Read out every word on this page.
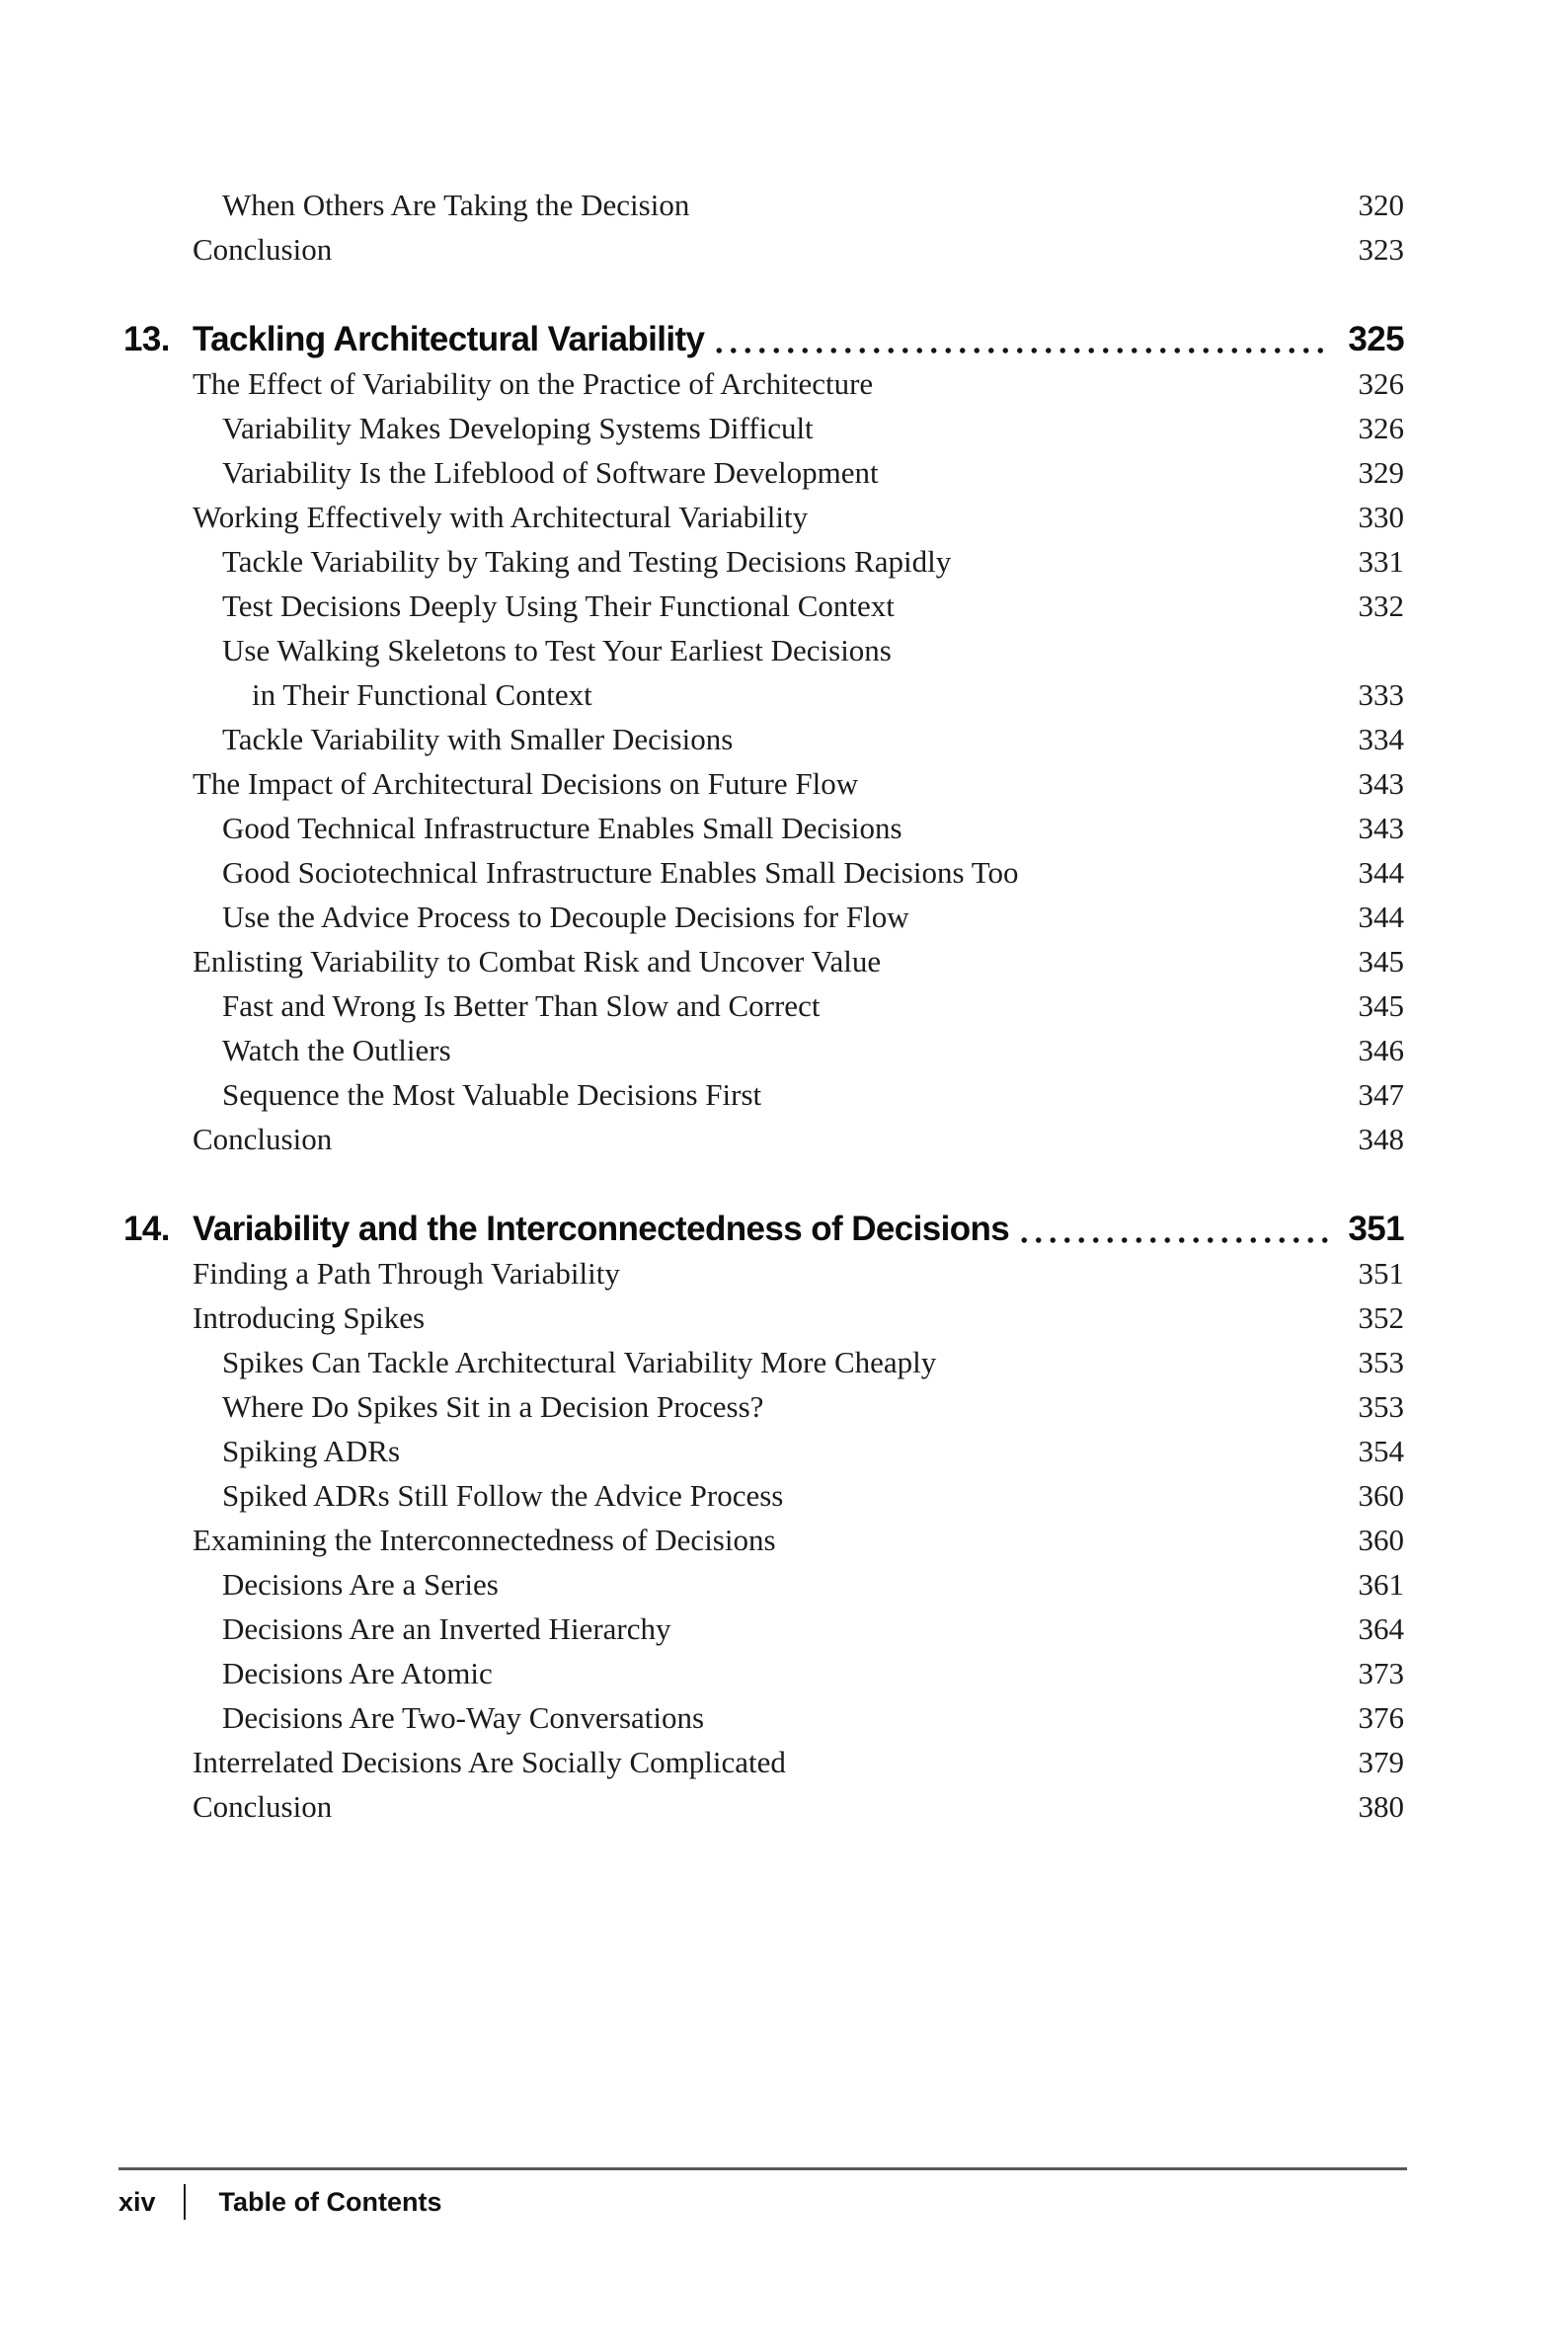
When Others Are Taking the Decision	320
Conclusion	323
13. Tackling Architectural Variability	325
The Effect of Variability on the Practice of Architecture	326
Variability Makes Developing Systems Difficult	326
Variability Is the Lifeblood of Software Development	329
Working Effectively with Architectural Variability	330
Tackle Variability by Taking and Testing Decisions Rapidly	331
Test Decisions Deeply Using Their Functional Context	332
Use Walking Skeletons to Test Your Earliest Decisions
in Their Functional Context	333
Tackle Variability with Smaller Decisions	334
The Impact of Architectural Decisions on Future Flow	343
Good Technical Infrastructure Enables Small Decisions	343
Good Sociotechnical Infrastructure Enables Small Decisions Too	344
Use the Advice Process to Decouple Decisions for Flow	344
Enlisting Variability to Combat Risk and Uncover Value	345
Fast and Wrong Is Better Than Slow and Correct	345
Watch the Outliers	346
Sequence the Most Valuable Decisions First	347
Conclusion	348
14. Variability and the Interconnectedness of Decisions	351
Finding a Path Through Variability	351
Introducing Spikes	352
Spikes Can Tackle Architectural Variability More Cheaply	353
Where Do Spikes Sit in a Decision Process?	353
Spiking ADRs	354
Spiked ADRs Still Follow the Advice Process	360
Examining the Interconnectedness of Decisions	360
Decisions Are a Series	361
Decisions Are an Inverted Hierarchy	364
Decisions Are Atomic	373
Decisions Are Two-Way Conversations	376
Interrelated Decisions Are Socially Complicated	379
Conclusion	380
xiv Table of Contents
